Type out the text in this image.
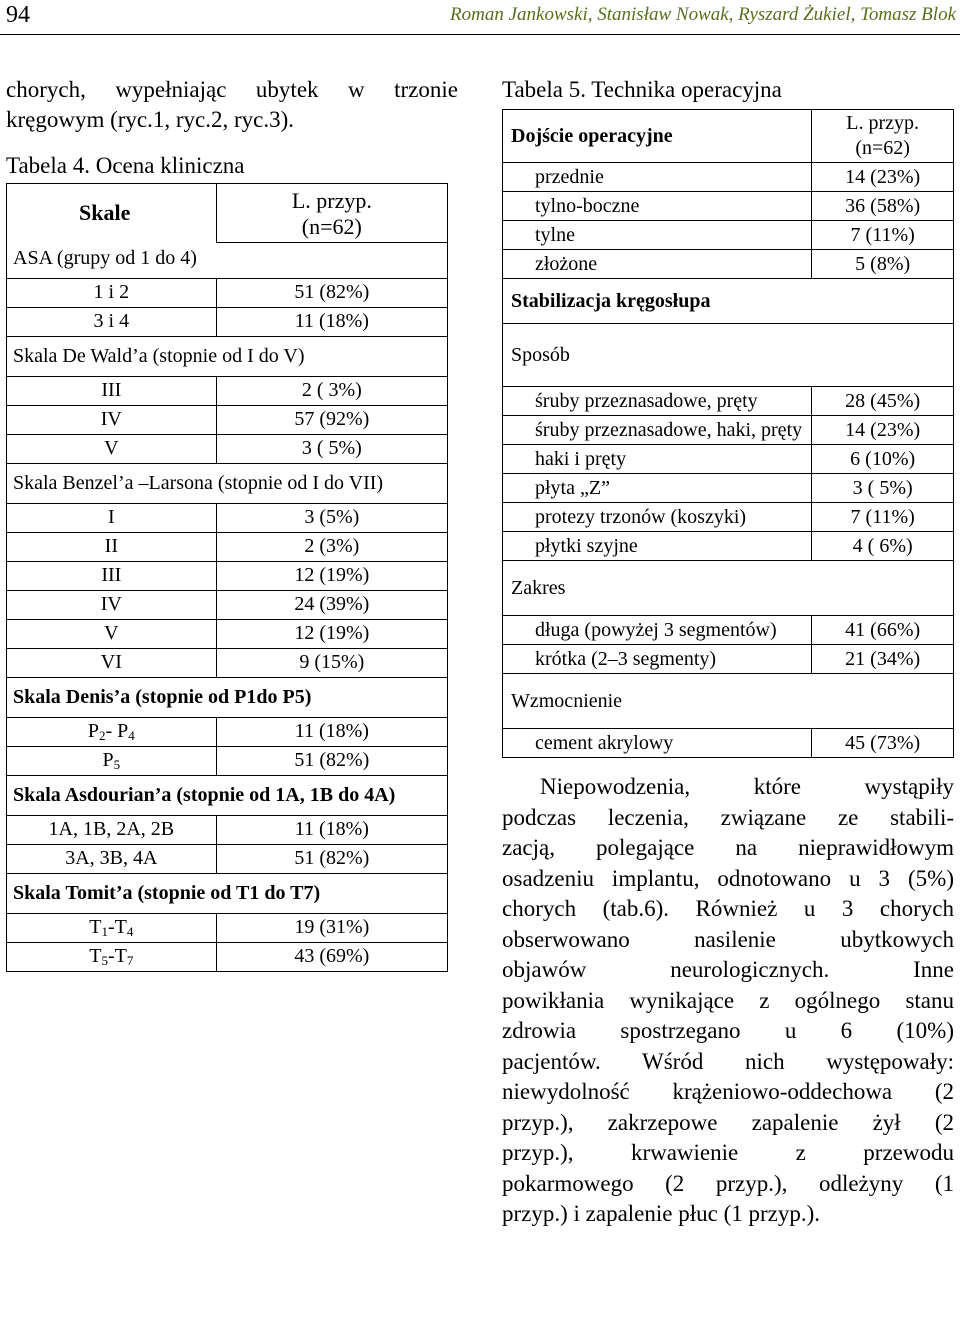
94	Roman Jankowski, Stanisław Nowak, Ryszard Żukiel, Tomasz Blok
chorych, wypełniając ubytek w trzonie
kręgowym (ryc.1, ryc.2, ryc.3).
Tabela 4. Ocena kliniczna
Skale	L. przyp.
(n=62)

ASA (grupy od 1 do 4)	
1 i 2	51 (82%)
3 i 4	11 (18%)
Skala De Wald’a (stopnie od I do V)	
III	2 ( 3%)
IV	57 (92%)
V	3 ( 5%)
Skala Benzel’a –Larsona (stopnie od I do VII)	
I	3 (5%)
II	2 (3%)
III	12 (19%)
IV	24 (39%)
V	12 (19%)
VI	9 (15%)
Skala Denis’a (stopnie od P1do P5)	
$P_2-$ $P_4$	11 (18%)
$P_5$	51 (82%)
Skala Asdourian’a (stopnie od 1A, 1B do 4A)	
1A, 1B, 2A, 2B	11 (18%)
3A, 3B, 4A	51 (82%)
Skala Tomit’a (stopnie od T1 do T7)	
$T_1-T_4$	19 (31%)
$T_5-T_7$	43 (69%)
Tabela 5. Technika operacyjna
Dojście operacyjne	L. przyp.
(n=62)

przednie	14 (23%)
tylno-boczne	36 (58%)
tylne	7 (11%)
złożone	5 (8%)
Stabilizacja kręgosłupa	
Sposób	
śruby przeznasadowe, pręty	28 (45%)
śruby przeznasadowe, haki, pręty	14 (23%)
haki i pręty	6 (10%)
płyta „Z”	3 ( 5%)
protezy trzonów (koszyki)	7 (11%)
płytki szyjne	4 ( 6%)
Zakres	
długa (powyżej 3 segmentów)	41 (66%)
krótka (2–3 segmenty)	21 (34%)
Wzmocnienie	
cement akrylowy	45 (73%)
Niepowodzenia, które wystąpiły
podczas leczenia, związane ze stabili-
zacją, polegające na nieprawidłowym
osadzeniu implantu, odnotowano u 3 (5%)
chorych (tab.6). Również u 3 chorych
obserwowano nasilenie ubytkowych
objawów neurologicznych. Inne
powikłania wynikające z ogólnego stanu
zdrowia spostrzegano u 6 (10%)
pacjentów. Wśród nich występowały:
niewydolność krążeniowo-oddechowa (2
przyp.), zakrzepowe zapalenie żył (2
przyp.), krwawienie z przewodu
pokarmowego (2 przyp.), odleżyny (1
przyp.) i zapalenie płuc (1 przyp.).
